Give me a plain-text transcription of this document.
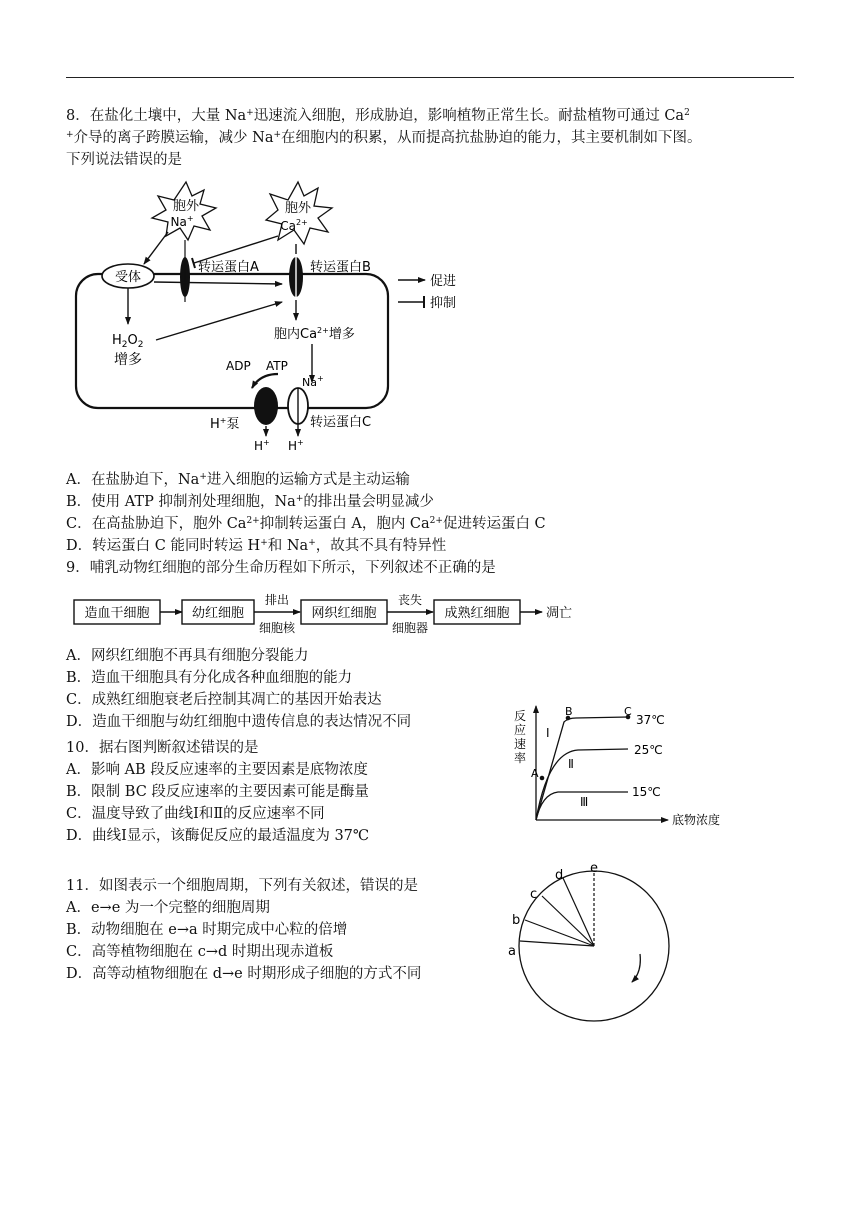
8．在盐化土壤中，大量 Na+迅速流入细胞，形成胁迫，影响植物正常生长。耐盐植物可通过 Ca$^2$
+介导的离子跨膜运输，减少 Na+在细胞内的积累，从而提高抗盐胁迫的能力，其主要机制如下图。
下列说法错误的是
胞外
Na+
胞外
$Ca^{2+}$
受体
转运蛋白A	转运蛋白B
促进
抑制
$H_2O_2$
增多
胞内$Ca^{2+}$增多
ADP ATP
H+泵
H+ H+
Na+
转运蛋白C
A．在盐胁迫下，Na+进入细胞的运输方式是主动运输
B．使用 ATP 抑制剂处理细胞，Na+的排出量会明显减少
C．在高盐胁迫下，胞外 $Ca^{2+}$抑制转运蛋白 A，胞内 $Ca^{2+}$促进转运蛋白 C
D．转运蛋白 C 能同时转运 H+和 Na+，故其不具有特异性
9．哺乳动物红细胞的部分生命历程如下所示，下列叙述不正确的是
造血干细胞	幼红细胞
排出
细胞核
网织红细胞
丧失
细胞器
成熟红细胞	凋亡
A．网织红细胞不再具有细胞分裂能力
B．造血干细胞具有分化成各种血细胞的能力
C．成熟红细胞衰老后控制其凋亡的基因开始表达
D．造血干细胞与幼红细胞中遗传信息的表达情况不同
10．据右图判断叙述错误的是
A．影响 AB 段反应速率的主要因素是底物浓度
B．限制 BC 段反应速率的主要因素可能是酶量
C．温度导致了曲线Ⅰ和Ⅱ的反应速率不同
D．曲线Ⅰ显示，该酶促反应的最适温度为 37℃
反
应
速
率
底物浓度
A
B	C
Ⅰ
Ⅱ
Ⅲ
37℃
25℃
15℃
11．如图表示一个细胞周期，下列有关叙述，错误的是
A．e→e 为一个完整的细胞周期
B．动物细胞在 e→a 时期完成中心粒的倍增
C．高等植物细胞在 c→d 时期出现赤道板
D．高等动植物细胞在 d→e 时期形成子细胞的方式不同
a
b
c
d e
